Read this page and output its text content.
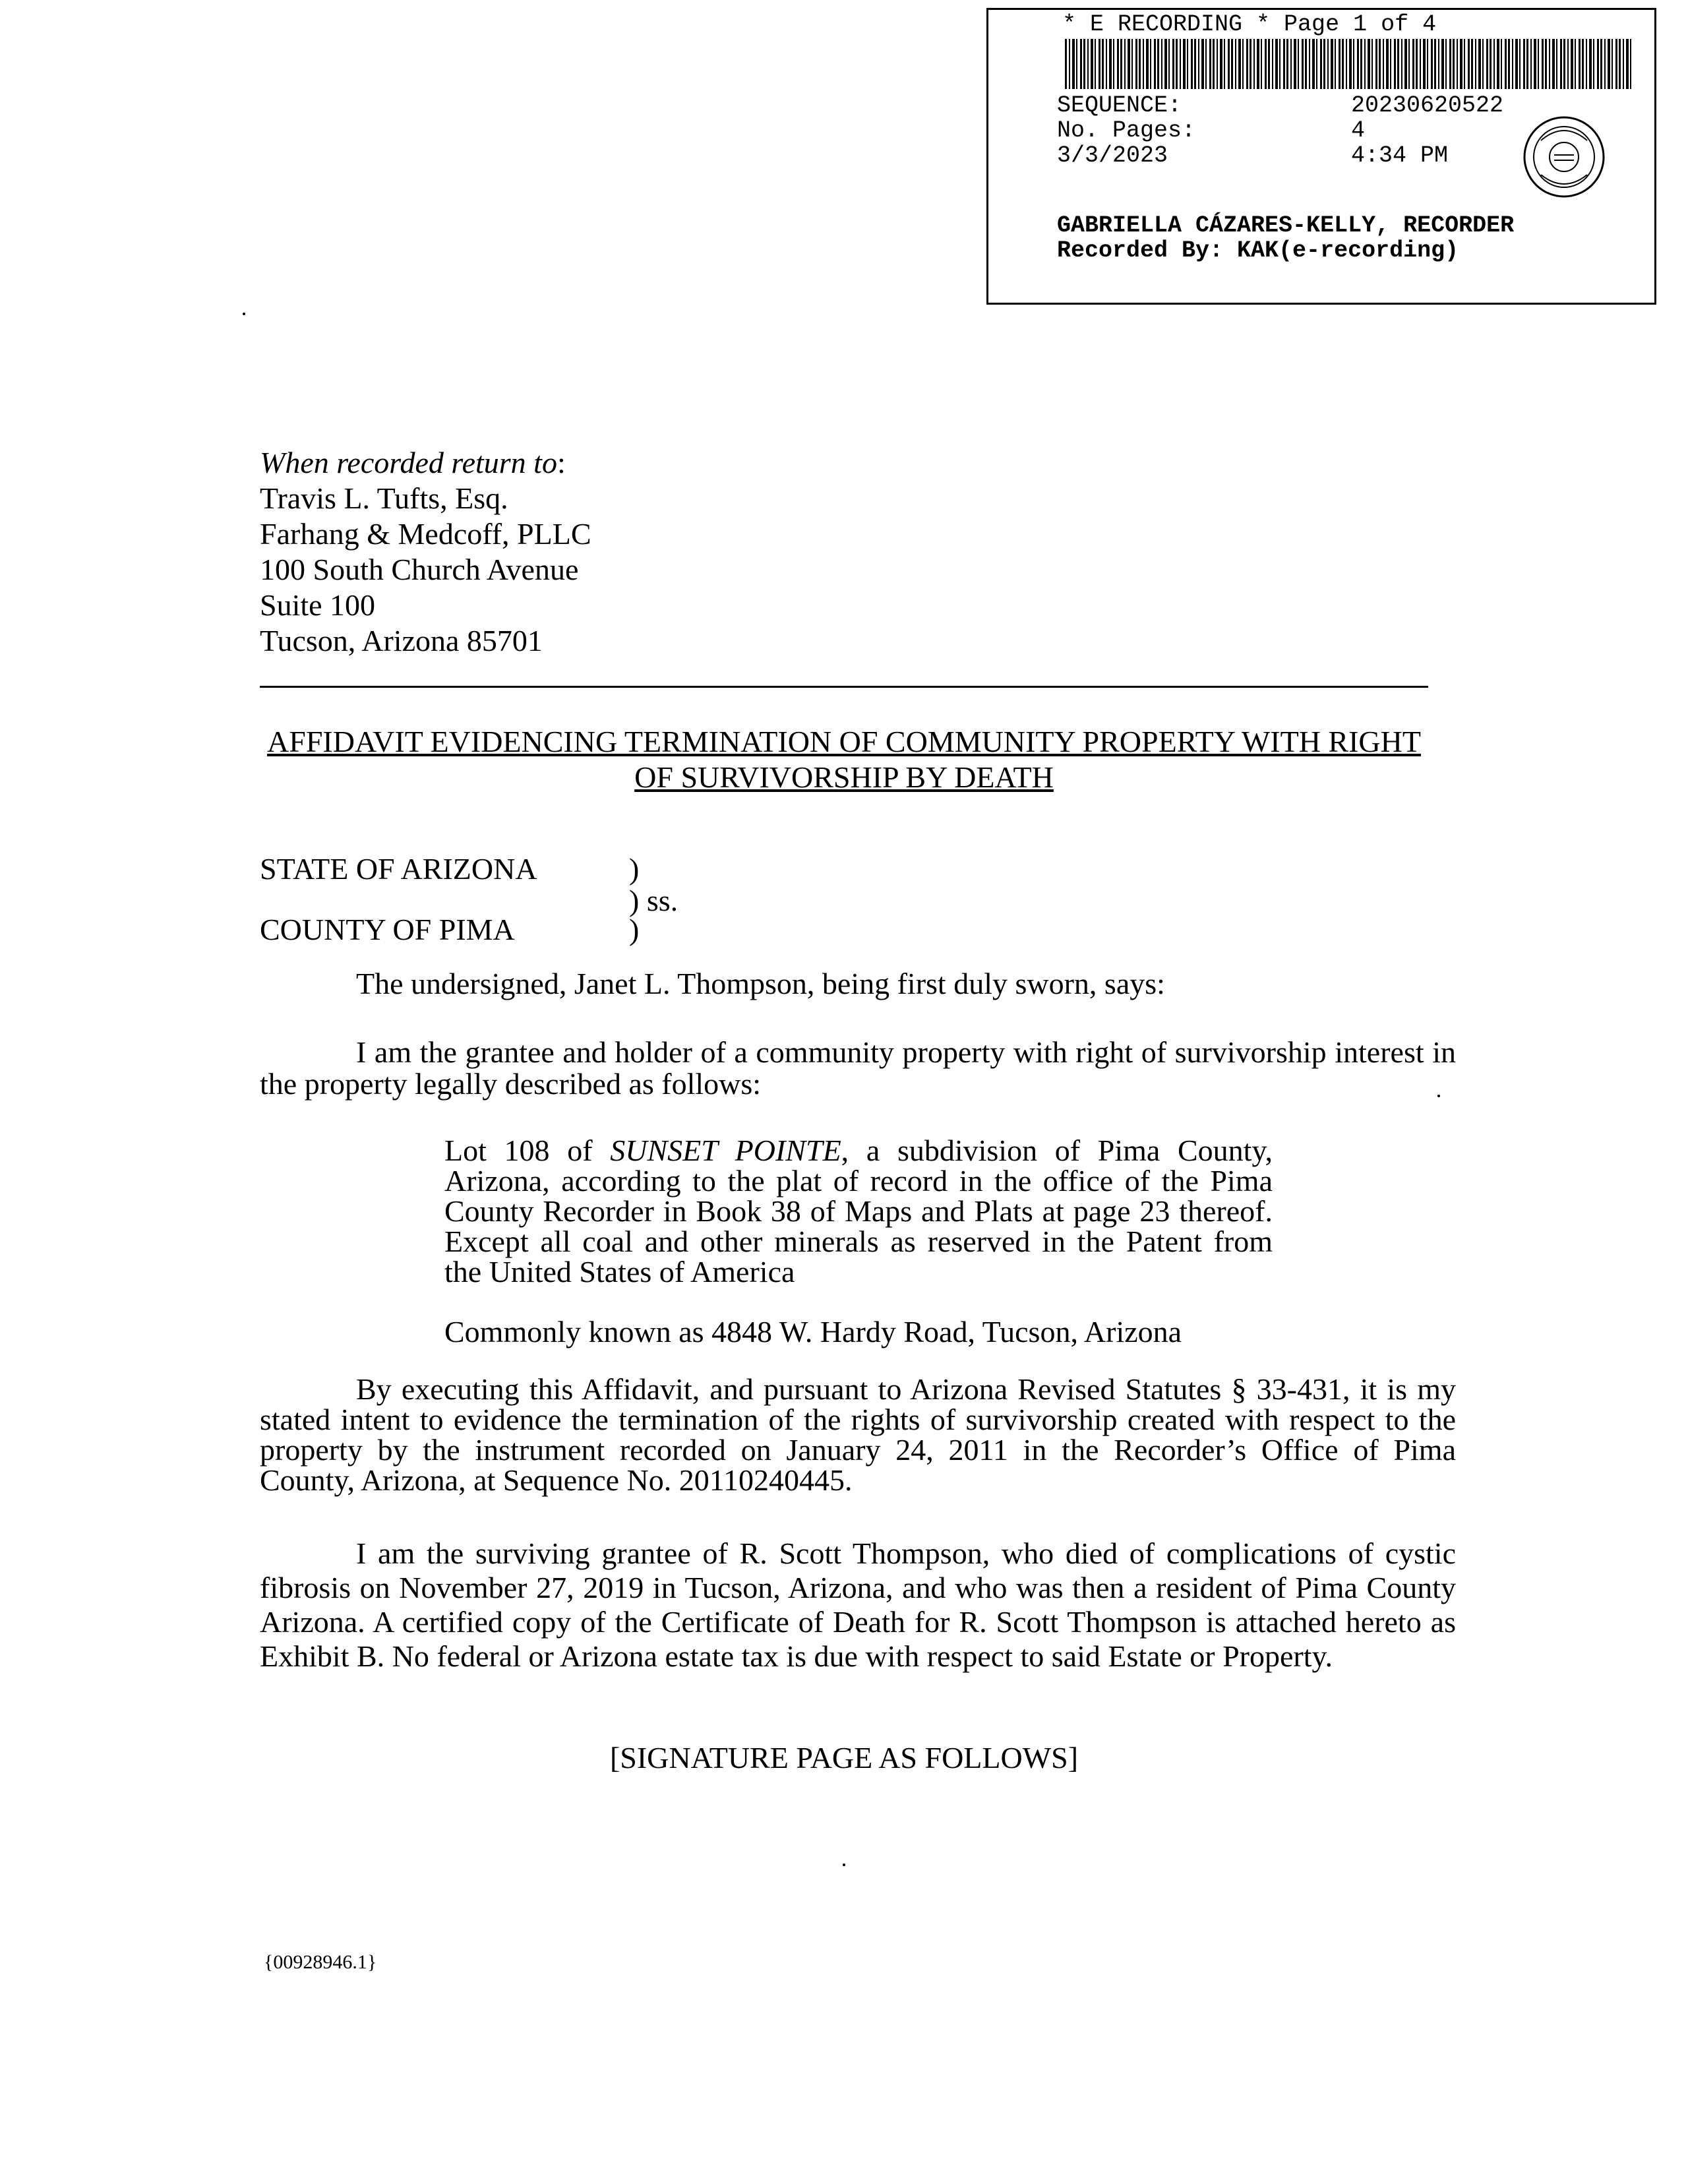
* E RECORDING * Page 1 of 4
SEQUENCE:	20230620522
No. Pages:	4
3/3/2023	4:34 PM
GABRIELLA CÁZARES-KELLY, RECORDER
Recorded By: KAK(e-recording)
When recorded return to:
Travis L. Tufts, Esq.
Farhang & Medcoff, PLLC
100 South Church Avenue
Suite 100
Tucson, Arizona 85701
AFFIDAVIT EVIDENCING TERMINATION OF COMMUNITY PROPERTY WITH RIGHT
OF SURVIVORSHIP BY DEATH
STATE OF ARIZONA	)
) ss.
COUNTY OF PIMA	)
The undersigned, Janet L. Thompson, being first duly sworn, says:
I am the grantee and holder of a community property with right of survivorship interest in
the property legally described as follows:
Lot 108 of SUNSET POINTE, a subdivision of Pima County,
Arizona, according to the plat of record in the office of the Pima
County Recorder in Book 38 of Maps and Plats at page 23 thereof.
Except all coal and other minerals as reserved in the Patent from
the United States of America
Commonly known as 4848 W. Hardy Road, Tucson, Arizona
By executing this Affidavit, and pursuant to Arizona Revised Statutes § 33-431, it is my
stated intent to evidence the termination of the rights of survivorship created with respect to the
property by the instrument recorded on January 24, 2011 in the Recorder’s Office of Pima
County, Arizona, at Sequence No. 20110240445.
I am the surviving grantee of R. Scott Thompson, who died of complications of cystic
fibrosis on November 27, 2019 in Tucson, Arizona, and who was then a resident of Pima County
Arizona. A certified copy of the Certificate of Death for R. Scott Thompson is attached hereto as
Exhibit B. No federal or Arizona estate tax is due with respect to said Estate or Property.
[SIGNATURE PAGE AS FOLLOWS]
{00928946.1}
